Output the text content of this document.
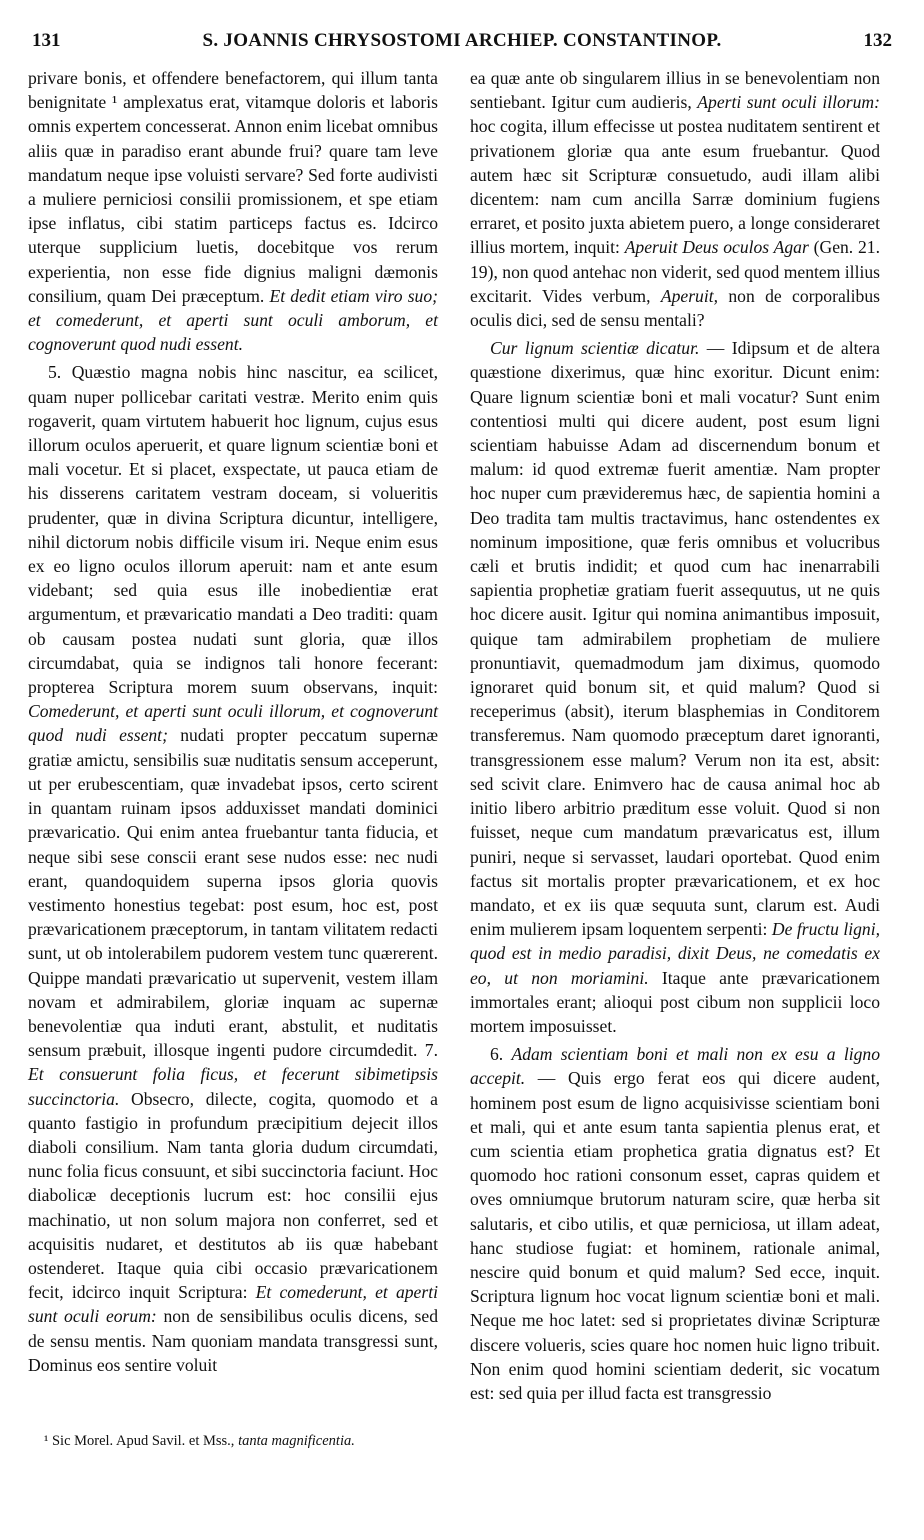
131	S. JOANNIS CHRYSOSTOMI ARCHIEP. CONSTANTINOP.	132

privare bonis, et offendere benefactorem, qui illum tanta benignitate ¹ amplexatus erat, vitamque doloris et laboris omnis expertem concesserat. Annon enim licebat omnibus aliis quæ in paradiso erant abunde frui? quare tam leve mandatum neque ipse voluisti servare? Sed forte audivisti a muliere perniciosi consilii promissionem, et spe etiam ipse inflatus, cibi statim particeps factus es. Idcirco uterque supplicium luetis, docebitque vos rerum experientia, non esse fide dignius maligni dæmonis consilium, quam Dei præceptum. Et dedit etiam viro suo; et comederunt, et aperti sunt oculi amborum, et cognoverunt quod nudi essent.

5. Quæstio magna nobis hinc nascitur, ea scilicet, quam nuper pollicebar caritati vestræ. Merito enim quis rogaverit, quam virtutem habuerit hoc lignum, cujus esus illorum oculos aperuerit, et quare lignum scientiæ boni et mali vocetur. Et si placet, exspectate, ut pauca etiam de his disserens caritatem vestram doceam, si volueritis prudenter, quæ in divina Scriptura dicuntur, intelligere, nihil dictorum nobis difficile visum iri. Neque enim esus ex eo ligno oculos illorum aperuit: nam et ante esum videbant; sed quia esus ille inobedientiæ erat argumentum, et prævaricatio mandati a Deo traditi: quam ob causam postea nudati sunt gloria, quæ illos circumdabat, quia se indignos tali honore fecerant: propterea Scriptura morem suum observans, inquit: Comederunt, et aperti sunt oculi illorum, et cognoverunt quod nudi essent; nudati propter peccatum supernæ gratiæ amictu, sensibilis suæ nuditatis sensum acceperunt, ut per erubescentiam, quæ invadebat ipsos, certo scirent in quantam ruinam ipsos adduxisset mandati dominici prævaricatio. Qui enim antea fruebantur tanta fiducia, et neque sibi sese conscii erant sese nudos esse: nec nudi erant, quandoquidem superna ipsos gloria quovis vestimento honestius tegebat: post esum, hoc est, post prævaricationem præceptorum, in tantam vilitatem redacti sunt, ut ob intolerabilem pudorem vestem tunc quærerent. Quippe mandati prævaricatio ut supervenit, vestem illam novam et admirabilem, gloriæ inquam ac supernæ benevolentiæ qua induti erant, abstulit, et nuditatis sensum præbuit, illosque ingenti pudore circumdedit. 7. Et consuerunt folia ficus, et fecerunt sibimetipsis succinctoria. Obsecro, dilecte, cogita, quomodo et a quanto fastigio in profundum præcipitium dejecit illos diaboli consilium. Nam tanta gloria dudum circumdati, nunc folia ficus consuunt, et sibi succinctoria faciunt. Hoc diabolicæ deceptionis lucrum est: hoc consilii ejus machinatio, ut non solum majora non conferret, sed et acquisitis nudaret, et destitutos ab iis quæ habebant ostenderet. Itaque quia cibi occasio prævaricationem fecit, idcirco inquit Scriptura: Et comederunt, et aperti sunt oculi eorum: non de sensibilibus oculis dicens, sed de sensu mentis. Nam quoniam mandata transgressi sunt, Dominus eos sentire voluit

ea quæ ante ob singularem illius in se benevolentiam non sentiebant. Igitur cum audieris, Aperti sunt oculi illorum: hoc cogita, illum effecisse ut postea nuditatem sentirent et privationem gloriæ qua ante esum fruebantur. Quod autem hæc sit Scripturæ consuetudo, audi illam alibi dicentem: nam cum ancilla Sarræ dominium fugiens erraret, et posito juxta abietem puero, a longe consideraret illius mortem, inquit: Aperuit Deus oculos Agar (Gen. 21. 19), non quod antehac non viderit, sed quod mentem illius excitarit. Vides verbum, Aperuit, non de corporalibus oculis dici, sed de sensu mentali?

Cur lignum scientiæ dicatur. — Idipsum et de altera quæstione dixerimus, quæ hinc exoritur. Dicunt enim: Quare lignum scientiæ boni et mali vocatur? Sunt enim contentiosi multi qui dicere audent, post esum ligni scientiam habuisse Adam ad discernendum bonum et malum: id quod extremæ fuerit amentiæ. Nam propter hoc nuper cum prævideremus hæc, de sapientia homini a Deo tradita tam multis tractavimus, hanc ostendentes ex nominum impositione, quæ feris omnibus et volucribus cæli et brutis indidit; et quod cum hac inenarrabili sapientia prophetiæ gratiam fuerit assequutus, ut ne quis hoc dicere ausit. Igitur qui nomina animantibus imposuit, quique tam admirabilem prophetiam de muliere pronuntiavit, quemadmodum jam diximus, quomodo ignoraret quid bonum sit, et quid malum? Quod si receperimus (absit), iterum blasphemias in Conditorem transferemus. Nam quomodo præceptum daret ignoranti, transgressionem esse malum? Verum non ita est, absit: sed scivit clare. Enimvero hac de causa animal hoc ab initio libero arbitrio præditum esse voluit. Quod si non fuisset, neque cum mandatum prævaricatus est, illum puniri, neque si servasset, laudari oportebat. Quod enim factus sit mortalis propter prævaricationem, et ex hoc mandato, et ex iis quæ sequuta sunt, clarum est. Audi enim mulierem ipsam loquentem serpenti: De fructu ligni, quod est in medio paradisi, dixit Deus, ne comedatis ex eo, ut non moriamini. Itaque ante prævaricationem immortales erant; alioqui post cibum non supplicii loco mortem imposuisset.

6. Adam scientiam boni et mali non ex esu a ligno accepit. — Quis ergo ferat eos qui dicere audent, hominem post esum de ligno acquisivisse scientiam boni et mali, qui et ante esum tanta sapientia plenus erat, et cum scientia etiam prophetica gratia dignatus est? Et quomodo hoc rationi consonum esset, capras quidem et oves omniumque brutorum naturam scire, quæ herba sit salutaris, et cibo utilis, et quæ perniciosa, ut illam adeat, hanc studiose fugiat: et hominem, rationale animal, nescire quid bonum et quid malum? Sed ecce, inquit. Scriptura lignum hoc vocat lignum scientiæ boni et mali. Neque me hoc latet: sed si proprietates divinæ Scripturæ discere volueris, scies quare hoc nomen huic ligno tribuit. Non enim quod homini scientiam dederit, sic vocatum est: sed quia per illud facta est transgressio

¹ Sic Morel. Apud Savil. et Mss., tanta magnificentia.
